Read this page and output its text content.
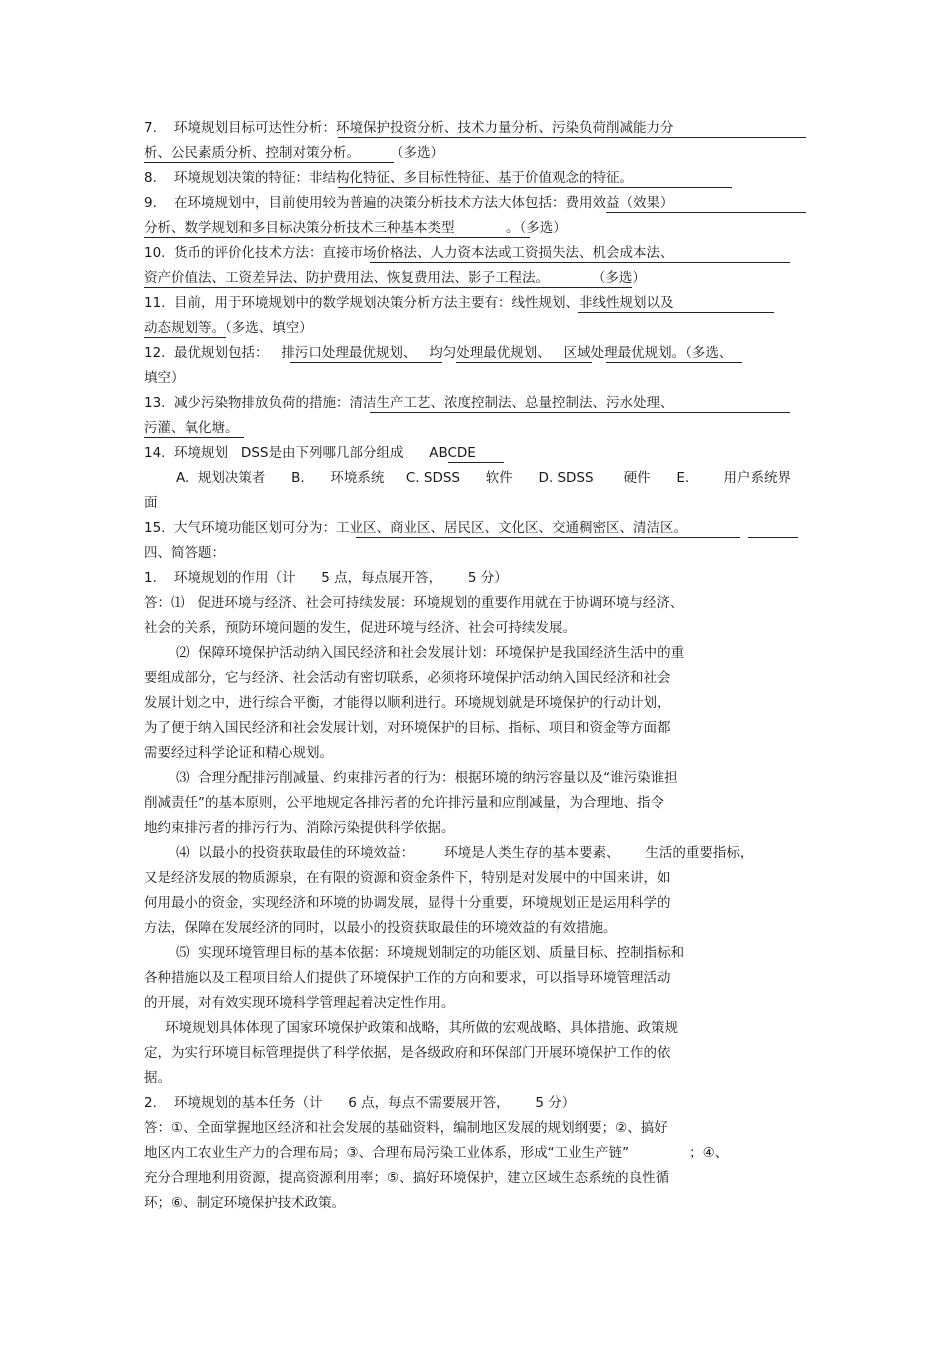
7.    环境规划目标可达性分析：环境保护投资分析、技术力量分析、污染负荷削减能力分
析、公民素质分析、控制对策分析。       （多选）
8.    环境规划决策的特征：非结构化特征、多目标性特征、基于价值观念的特征。
9.    在环境规划中，目前使用较为普遍的决策分析技术方法大体包括：费用效益（效果）
分析、数学规划和多目标决策分析技术三种基本类型            。（多选）
10.  货币的评价化技术方法：直接市场价格法、人力资本法或工资损失法、机会成本法、
资产价值法、工资差异法、防护费用法、恢复费用法、影子工程法。          （多选）
11.  目前，用于环境规划中的数学规划决策分析方法主要有：线性规划、非线性规划以及
动态规划等。（多选、填空）
12.  最优规划包括：   排污口处理最优规划、   均匀处理最优规划、   区域处理最优规划。（多选、
填空）
13.  减少污染物排放负荷的措施：清洁生产工艺、浓度控制法、总量控制法、污水处理、
污灌、氧化塘。
14.  环境规划   DSS是由下列哪几部分组成      ABCDE
A.  规划决策者      B.      环境系统     C. SDSS      软件      D. SDSS       硬件      E.        用户系统界
面
15.  大气环境功能区划可分为：工业区、商业区、居民区、文化区、交通稠密区、清洁区。
四、简答题：
1.    环境规划的作用（计      5 点，每点展开答，      5 分）
答：⑴   促进环境与经济、社会可持续发展：环境规划的重要作用就在于协调环境与经济、
社会的关系，预防环境问题的发生，促进环境与经济、社会可持续发展。
⑵  保障环境保护活动纳入国民经济和社会发展计划：环境保护是我国经济生活中的重
要组成部分，它与经济、社会活动有密切联系，必须将环境保护活动纳入国民经济和社会
发展计划之中，进行综合平衡，才能得以顺利进行。环境规划就是环境保护的行动计划，
为了便于纳入国民经济和社会发展计划，对环境保护的目标、指标、项目和资金等方面都
需要经过科学论证和精心规划。
⑶  合理分配排污削减量、约束排污者的行为：根据环境的纳污容量以及“谁污染谁担
削减责任”的基本原则，公平地规定各排污者的允许排污量和应削减量，为合理地、指令
地约束排污者的排污行为、消除污染提供科学依据。
⑷  以最小的投资获取最佳的环境效益：       环境是人类生存的基本要素、      生活的重要指标，
又是经济发展的物质源泉，在有限的资源和资金条件下，特别是对发展中的中国来讲，如
何用最小的资金，实现经济和环境的协调发展，显得十分重要，环境规划正是运用科学的
方法，保障在发展经济的同时，以最小的投资获取最佳的环境效益的有效措施。
⑸  实现环境管理目标的基本依据：环境规划制定的功能区划、质量目标、控制指标和
各种措施以及工程项目给人们提供了环境保护工作的方向和要求，可以指导环境管理活动
的开展，对有效实现环境科学管理起着决定性作用。
环境规划具体体现了国家环境保护政策和战略，其所做的宏观战略、具体措施、政策规
定，为实行环境目标管理提供了科学依据，是各级政府和环保部门开展环境保护工作的依
据。
2.    环境规划的基本任务（计      6 点，每点不需要展开答，      5 分）
答：①、全面掌握地区经济和社会发展的基础资料，编制地区发展的规划纲要；②、搞好
地区内工农业生产力的合理布局；③、合理布局污染工业体系，形成“工业生产链”              ；④、
充分合理地利用资源，提高资源利用率；⑤、搞好环境保护，建立区域生态系统的良性循
环；⑥、制定环境保护技术政策。
